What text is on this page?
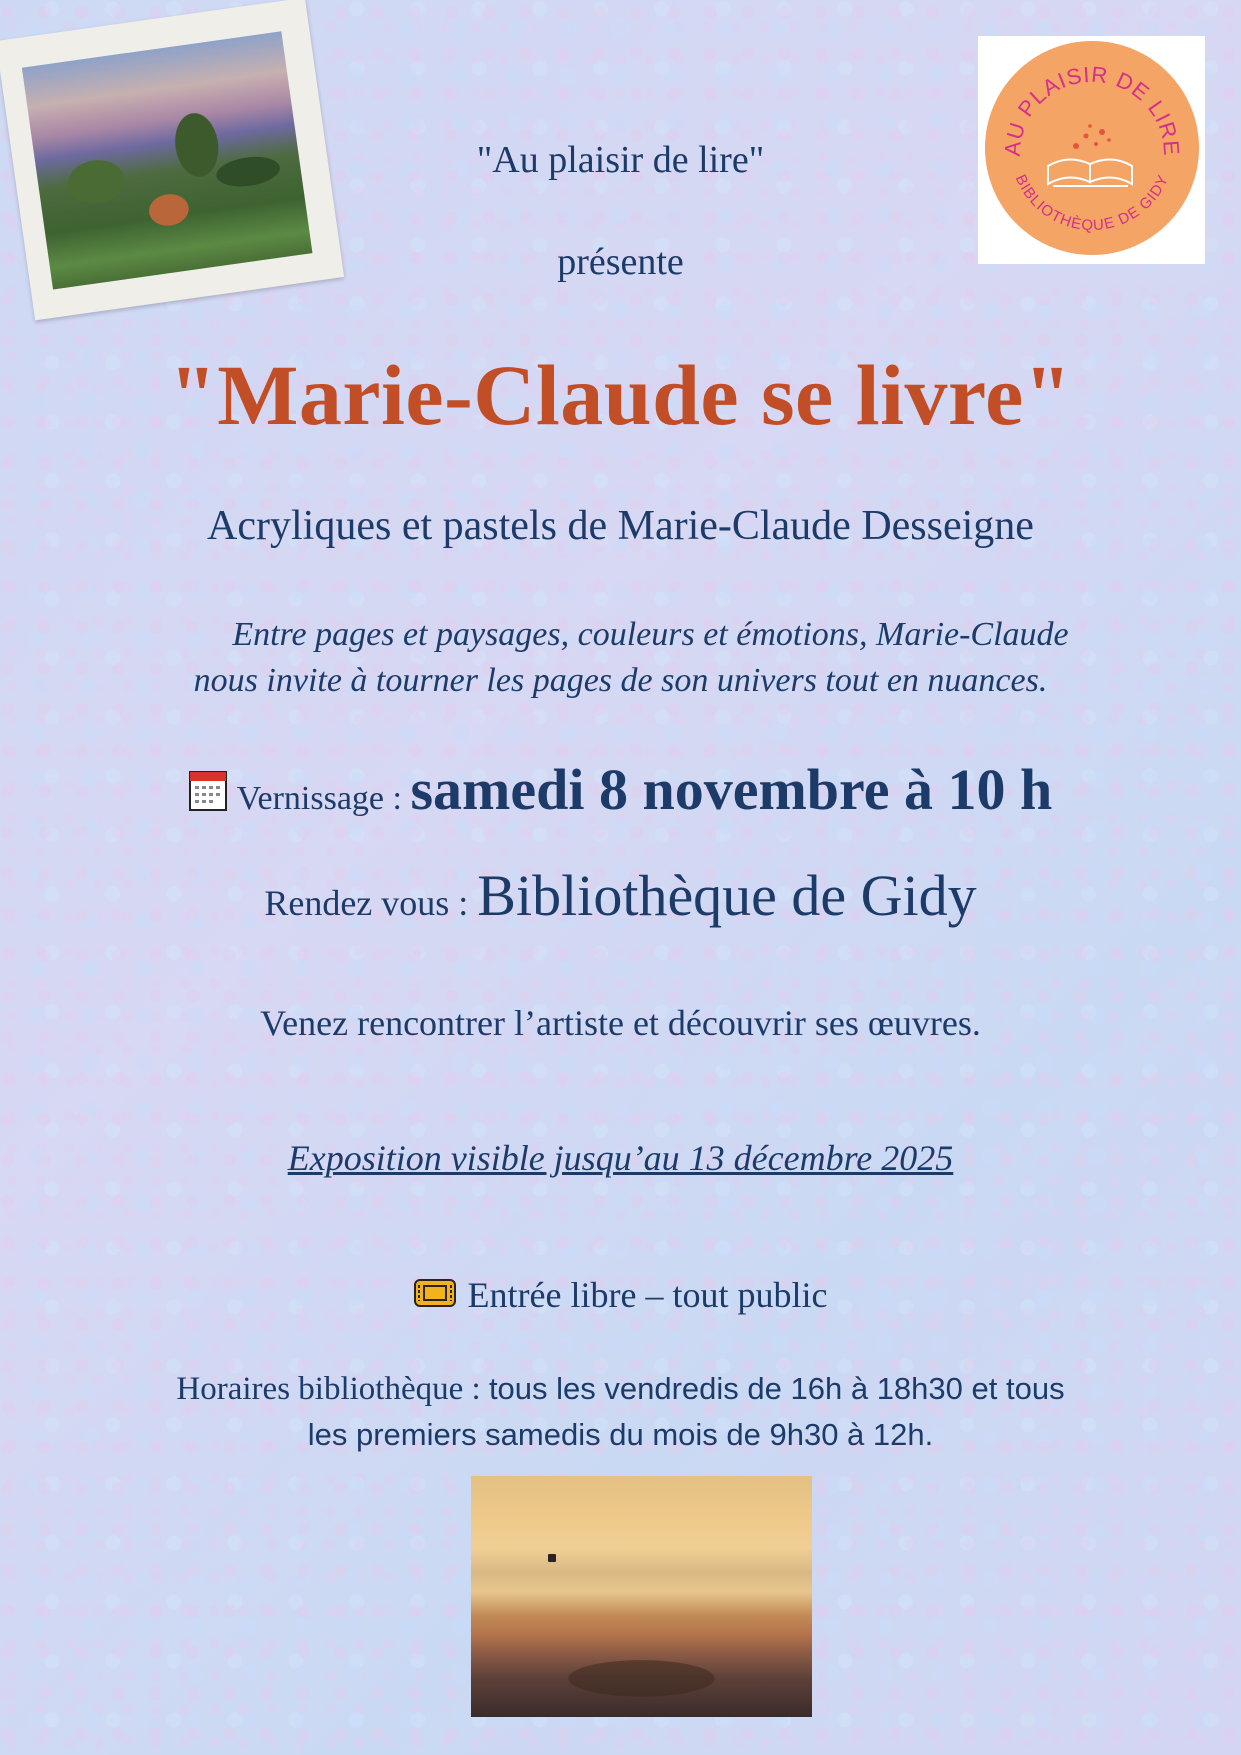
AU PLAISIR DE LIRE
BIBLIOTHÈQUE DE GIDY
"Au plaisir de lire"
présente
"Marie-Claude se livre"
Acryliques et pastels de Marie-Claude Desseigne
Entre pages et paysages, couleurs et émotions, Marie-Claude
nous invite à tourner les pages de son univers tout en nuances.
Vernissage : samedi 8 novembre à 10 h
Rendez vous : Bibliothèque de Gidy
Venez rencontrer l’artiste et découvrir ses œuvres.
Exposition visible jusqu’au 13 décembre 2025
Entrée libre – tout public
Horaires bibliothèque : tous les vendredis de 16h à 18h30 et tous
les premiers samedis du mois de 9h30 à 12h.
